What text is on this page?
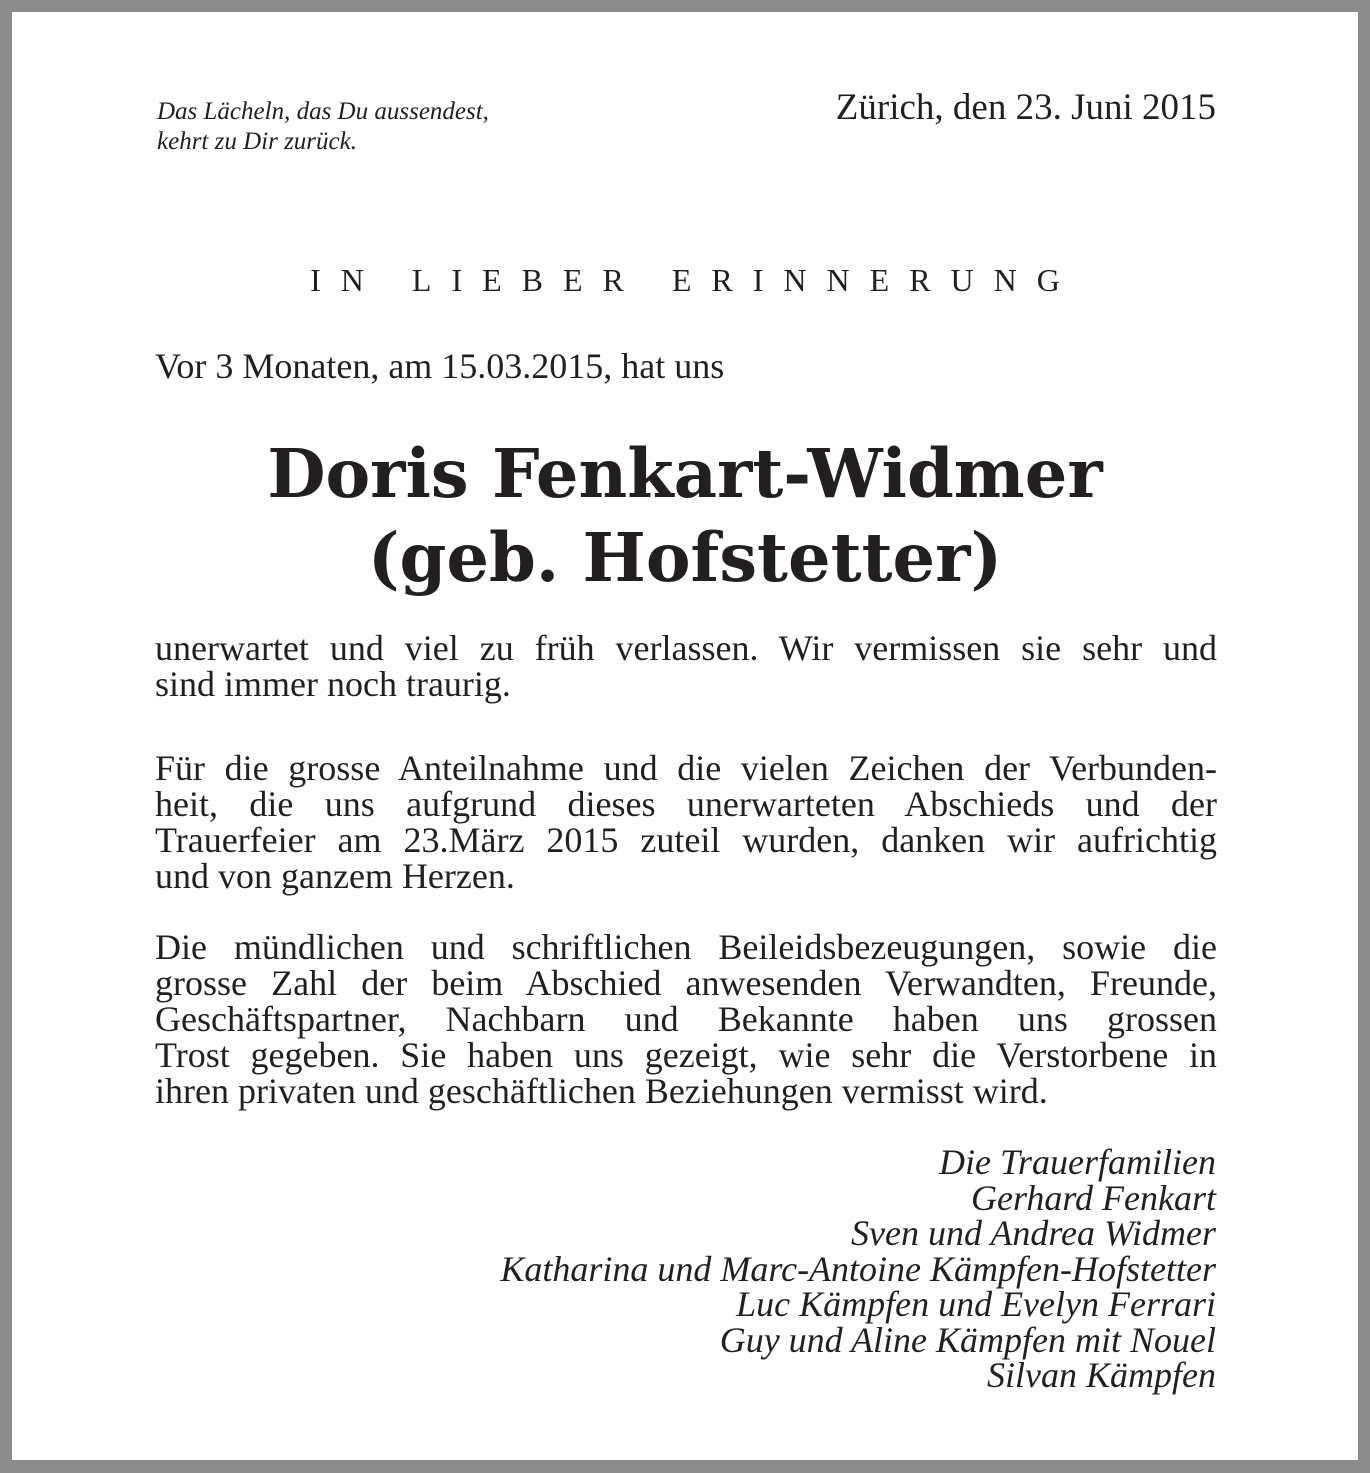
Das Lächeln, das Du aussendest,
kehrt zu Dir zurück.
Zürich, den 23. Juni 2015
IN LIEBER ERINNERUNG
Vor 3 Monaten, am 15.03.2015, hat uns
Doris Fenkart-Widmer
(geb. Hofstetter)
unerwartet und viel zu früh verlassen. Wir vermissen sie sehr und
sind immer noch traurig.
Für die grosse Anteilnahme und die vielen Zeichen der Verbunden-
heit, die uns aufgrund dieses unerwarteten Abschieds und der
Trauerfeier am 23.März 2015 zuteil wurden, danken wir aufrichtig
und von ganzem Herzen.
Die mündlichen und schriftlichen Beileidsbezeugungen, sowie die
grosse Zahl der beim Abschied anwesenden Verwandten, Freunde,
Geschäftspartner, Nachbarn und Bekannte haben uns grossen
Trost gegeben. Sie haben uns gezeigt, wie sehr die Verstorbene in
ihren privaten und geschäftlichen Beziehungen vermisst wird.
Die Trauerfamilien
Gerhard Fenkart
Sven und Andrea Widmer
Katharina und Marc-Antoine Kämpfen-Hofstetter
Luc Kämpfen und Evelyn Ferrari
Guy und Aline Kämpfen mit Nouel
Silvan Kämpfen
